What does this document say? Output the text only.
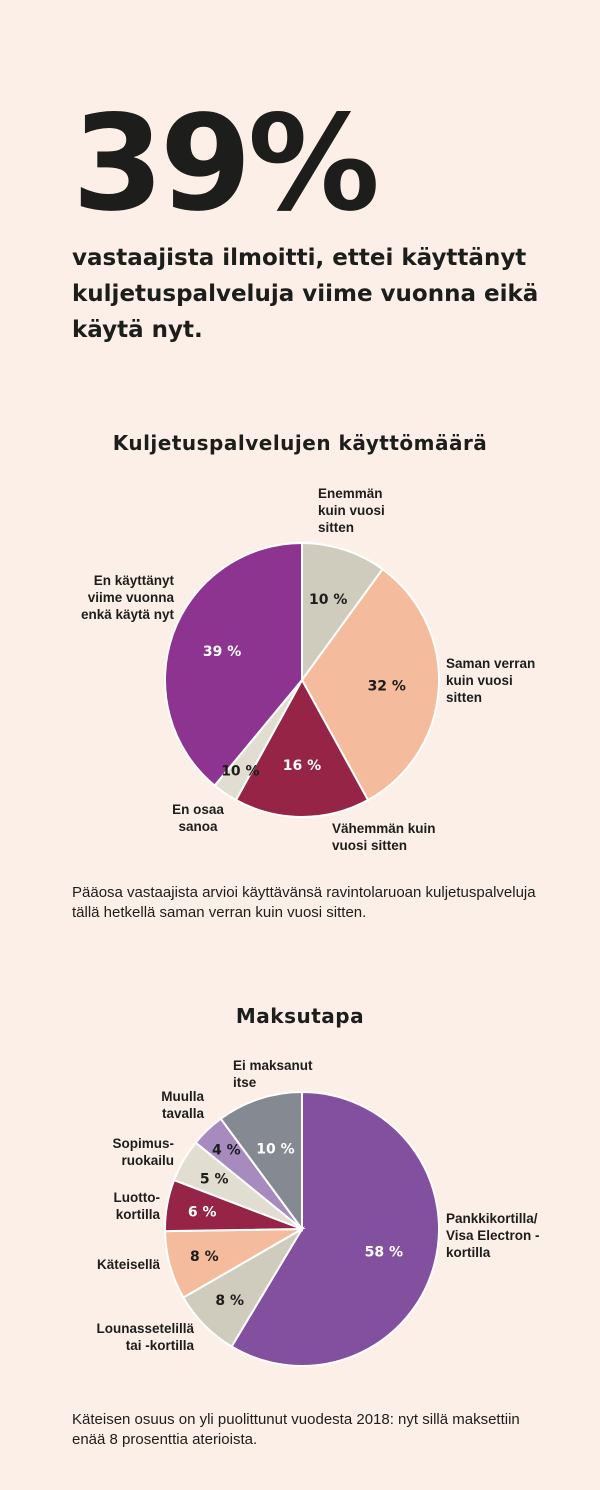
39%

vastaajista ilmoitti, ettei käyttänyt kuljetuspalveluja viime vuonna eikä käytä nyt.

Kuljetuspalvelujen käyttömäärä
10 %
32 %
16 %
10 %
39 %
Enemmän kuin vuosi sitten
Saman verran kuin vuosi sitten
Vähemmän kuin vuosi sitten
En osaa sanoa
En käyttänyt viime vuonna enkä käytä nyt

Pääosa vastaajista arvioi käyttävänsä ravintolaruoan kuljetuspalveluja tällä hetkellä saman verran kuin vuosi sitten.

Maksutapa
58 %
8 %
8 %
6 %
5 %
4 % 10 %
Pankkikortilla/ Visa Electron -kortilla
Lounassetelillä tai -kortilla
Käteisellä
Luotto- kortilla
Sopimus- ruokailu
Muulla tavalla
Ei maksanut itse

Käteisen osuus on yli puolittunut vuodesta 2018: nyt sillä maksettiin enää 8 prosenttia aterioista.
